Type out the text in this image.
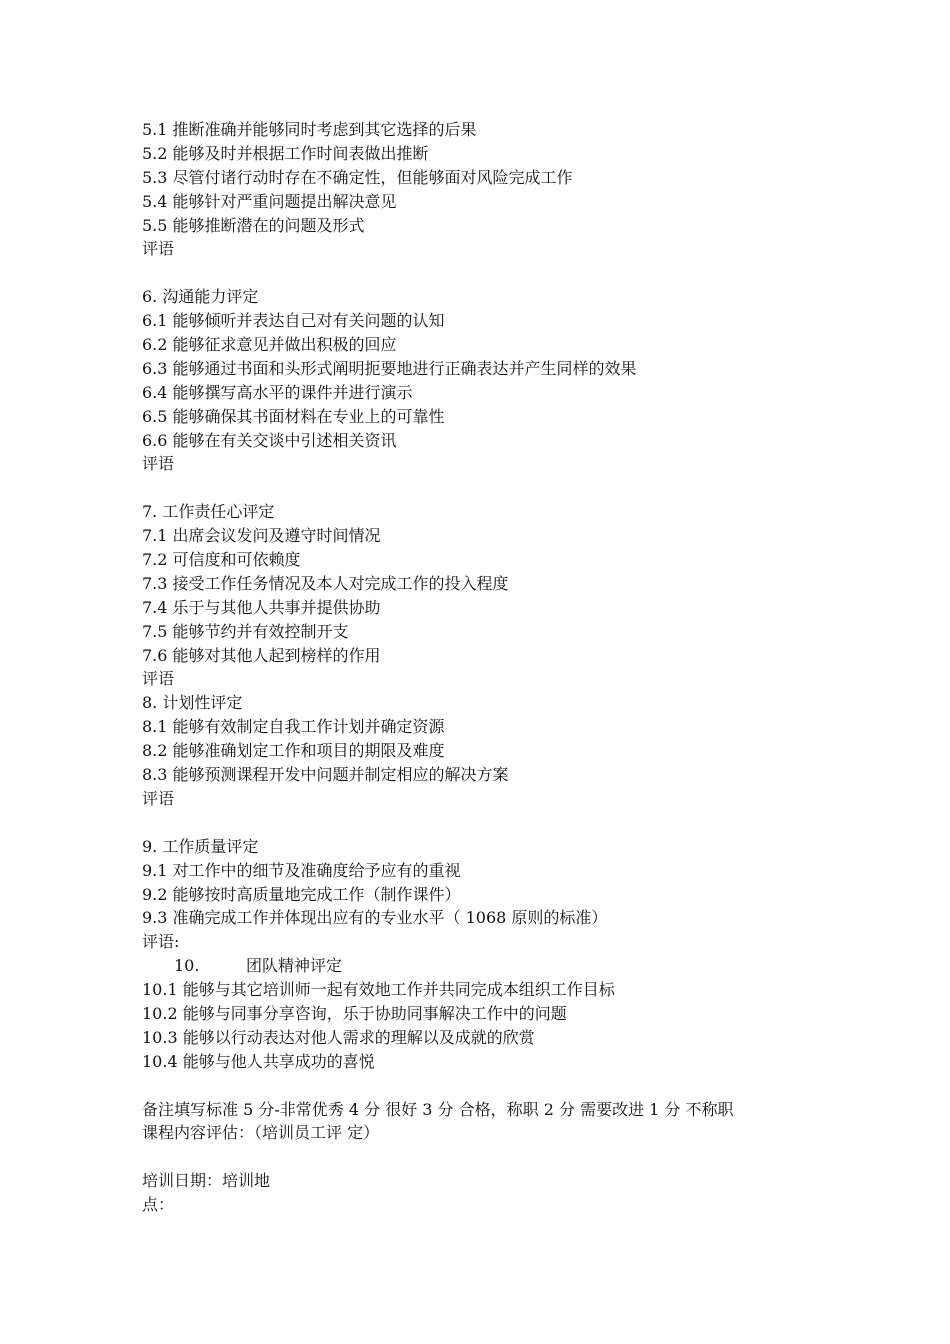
5.1 推断准确并能够同时考虑到其它选择的后果
5.2 能够及时并根据工作时间表做出推断
5.3 尽管付诸行动时存在不确定性，但能够面对风险完成工作
5.4 能够针对严重问题提出解决意见
5.5 能够推断潜在的问题及形式
评语
6. 沟通能力评定
6.1 能够倾听并表达自己对有关问题的认知
6.2 能够征求意见并做出积极的回应
6.3 能够通过书面和头形式阐明扼要地进行正确表达并产生同样的效果
6.4 能够撰写高水平的课件并进行演示
6.5 能够确保其书面材料在专业上的可靠性
6.6 能够在有关交谈中引述相关资讯
评语
7. 工作责任心评定
7.1 出席会议发问及遵守时间情况
7.2 可信度和可依赖度
7.3 接受工作任务情况及本人对完成工作的投入程度
7.4 乐于与其他人共事并提供协助
7.5 能够节约并有效控制开支
7.6 能够对其他人起到榜样的作用
评语
8. 计划性评定
8.1 能够有效制定自我工作计划并确定资源
8.2 能够准确划定工作和项目的期限及难度
8.3 能够预测课程开发中问题并制定相应的解决方案
评语
9. 工作质量评定
9.1 对工作中的细节及准确度给予应有的重视
9.2 能够按时高质量地完成工作（制作课件）
9.3 准确完成工作并体现出应有的专业水平（ 1068 原则的标准）
评语:
10.	团队精神评定
10.1 能够与其它培训师一起有效地工作并共同完成本组织工作目标
10.2 能够与同事分享咨询，乐于协助同事解决工作中的问题
10.3 能够以行动表达对他人需求的理解以及成就的欣赏
10.4 能够与他人共享成功的喜悦
备注填写标准 5 分-非常优秀 4 分 很好 3 分 合格，称职 2 分 需要改进 1 分 不称职
课程内容评估：（培训员工评 定）
培训日期：培训地
点：
